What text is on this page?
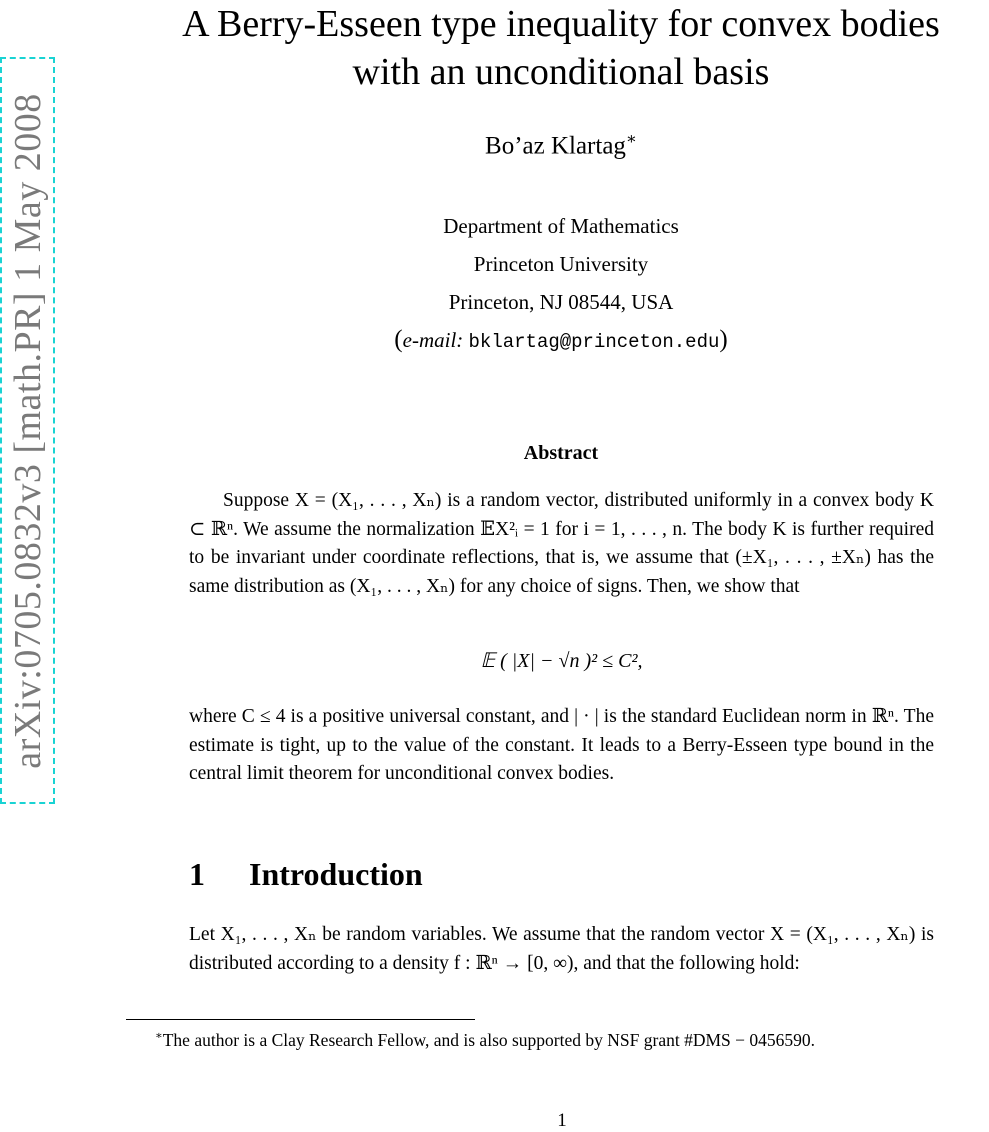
arXiv:0705.0832v3 [math.PR] 1 May 2008
A Berry-Esseen type inequality for convex bodies
with an unconditional basis
Bo’az Klartag∗
Department of Mathematics
Princeton University
Princeton, NJ 08544, USA
(e-mail: bklartag@princeton.edu)
Abstract

Suppose X = (X₁, . . . , Xₙ) is a random vector, distributed uniformly in a convex body K ⊂ ℝⁿ. We assume the normalization 𝔼X²ᵢ = 1 for i = 1, . . . , n. The body K is further required to be invariant under coordinate reflections, that is, we assume that (±X₁, . . . , ±Xₙ) has the same distribution as (X₁, . . . , Xₙ) for any choice of signs. Then, we show that

𝔼 ( |X| − √n )² ≤ C²,

where C ≤ 4 is a positive universal constant, and | · | is the standard Euclidean norm in ℝⁿ. The estimate is tight, up to the value of the constant. It leads to a Berry-Esseen type bound in the central limit theorem for unconditional convex bodies.

1 Introduction

Let X₁, . . . , Xₙ be random variables. We assume that the random vector X = (X₁, . . . , Xₙ) is distributed according to a density f : ℝⁿ → [0, ∞), and that the following hold:

∗The author is a Clay Research Fellow, and is also supported by NSF grant #DMS − 0456590.
1
